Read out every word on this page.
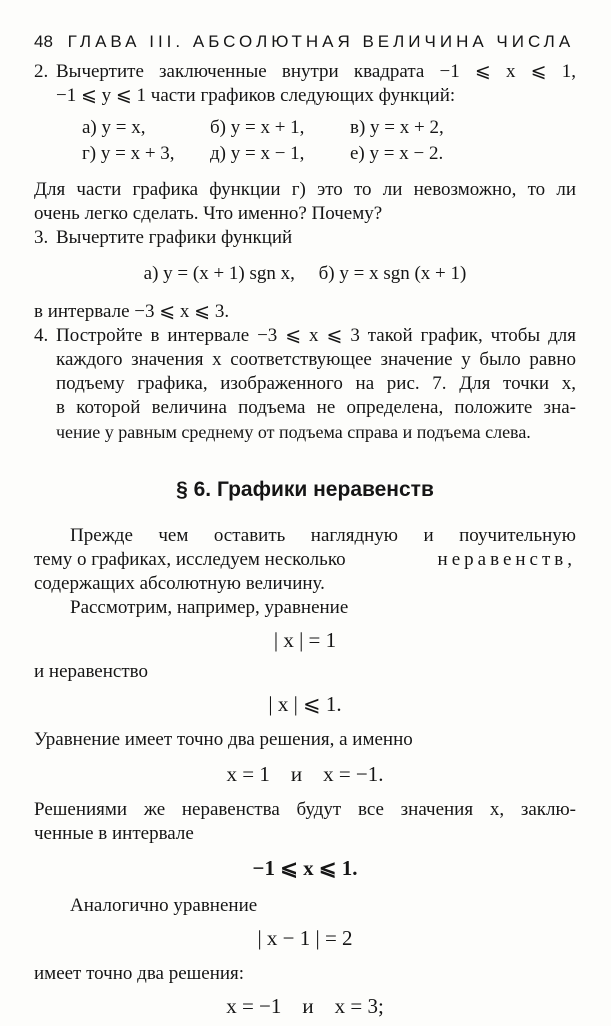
48 ГЛАВА III. АБСОЛЮТНАЯ ВЕЛИЧИНА ЧИСЛА
2. Вычертите заключенные внутри квадрата −1 ⩽ x ⩽ 1,
−1 ⩽ y ⩽ 1 части графиков следующих функций:
а) y = x,	б) y = x + 1,	в) y = x + 2,
г) y = x + 3,	д) y = x − 1,	е) y = x − 2.
Для части графика функции г) это то ли невозможно, то ли
очень легко сделать. Что именно? Почему?
3. Вычертите графики функций
а) y = (x + 1) sgn x,     б) y = x sgn (x + 1)
в интервале −3 ⩽ x ⩽ 3.
4. Постройте в интервале −3 ⩽ x ⩽ 3 такой график, чтобы для
каждого значения x соответствующее значение y было равно
подъему графика, изображенного на рис. 7. Для точки x,
в которой величина подъема не определена, положите зна-
чение y равным среднему от подъема справа и подъема слева.
§ 6. Графики неравенств
Прежде чем оставить наглядную и поучительную
тему о графиках, исследуем несколько	неравенств,
содержащих абсолютную величину.
Рассмотрим, например, уравнение
| x | = 1
и неравенство
| x | ⩽ 1.
Уравнение имеет точно два решения, а именно
x = 1    и    x = −1.
Решениями же неравенства будут все значения x, заклю-
ченные в интервале
−1 ⩽ x ⩽ 1.
Аналогично уравнение
| x − 1 | = 2
имеет точно два решения:
x = −1    и    x = 3;
